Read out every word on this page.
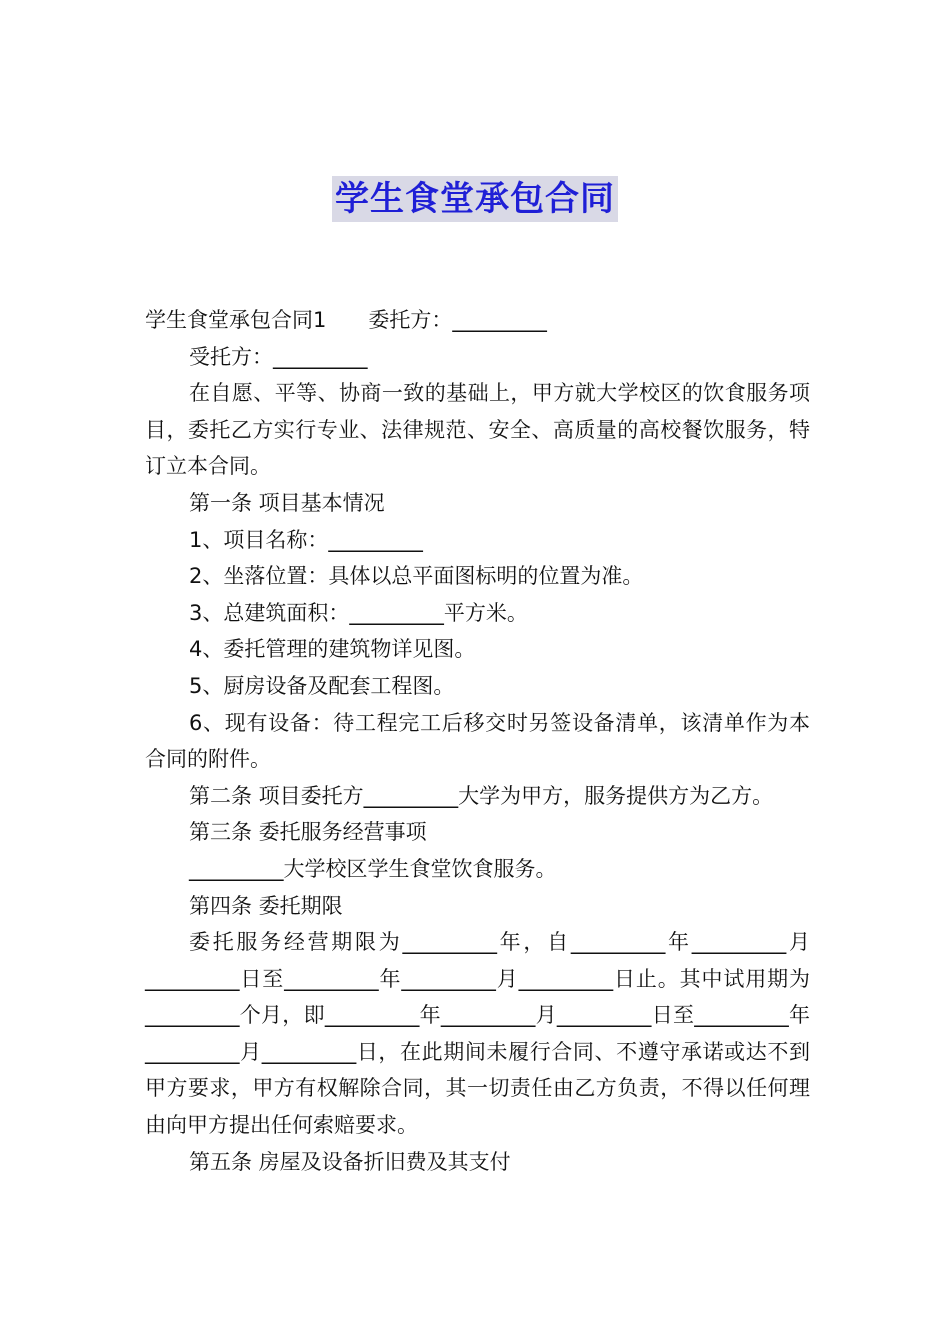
学生食堂承包合同

学生食堂承包合同1 委托方：_________

受托方：_________

在自愿、平等、协商一致的基础上，甲方就大学校区的饮食服务项目，委托乙方实行专业、法律规范、安全、高质量的高校餐饮服务，特订立本合同。

第一条 项目基本情况

1、项目名称：_________

2、坐落位置：具体以总平面图标明的位置为准。

3、总建筑面积：_________平方米。

4、委托管理的建筑物详见图。

5、厨房设备及配套工程图。

6、现有设备：待工程完工后移交时另签设备清单，该清单作为本合同的附件。

第二条 项目委托方_________大学为甲方，服务提供方为乙方。

第三条 委托服务经营事项

_________大学校区学生食堂饮食服务。

第四条 委托期限

委托服务经营期限为_________年，自_________年_________月_________日至_________年_________月_________日止。其中试用期为_________个月，即_________年_________月_________日至_________年_________月_________日，在此期间未履行合同、不遵守承诺或达不到甲方要求，甲方有权解除合同，其一切责任由乙方负责，不得以任何理由向甲方提出任何索赔要求。

第五条 房屋及设备折旧费及其支付
